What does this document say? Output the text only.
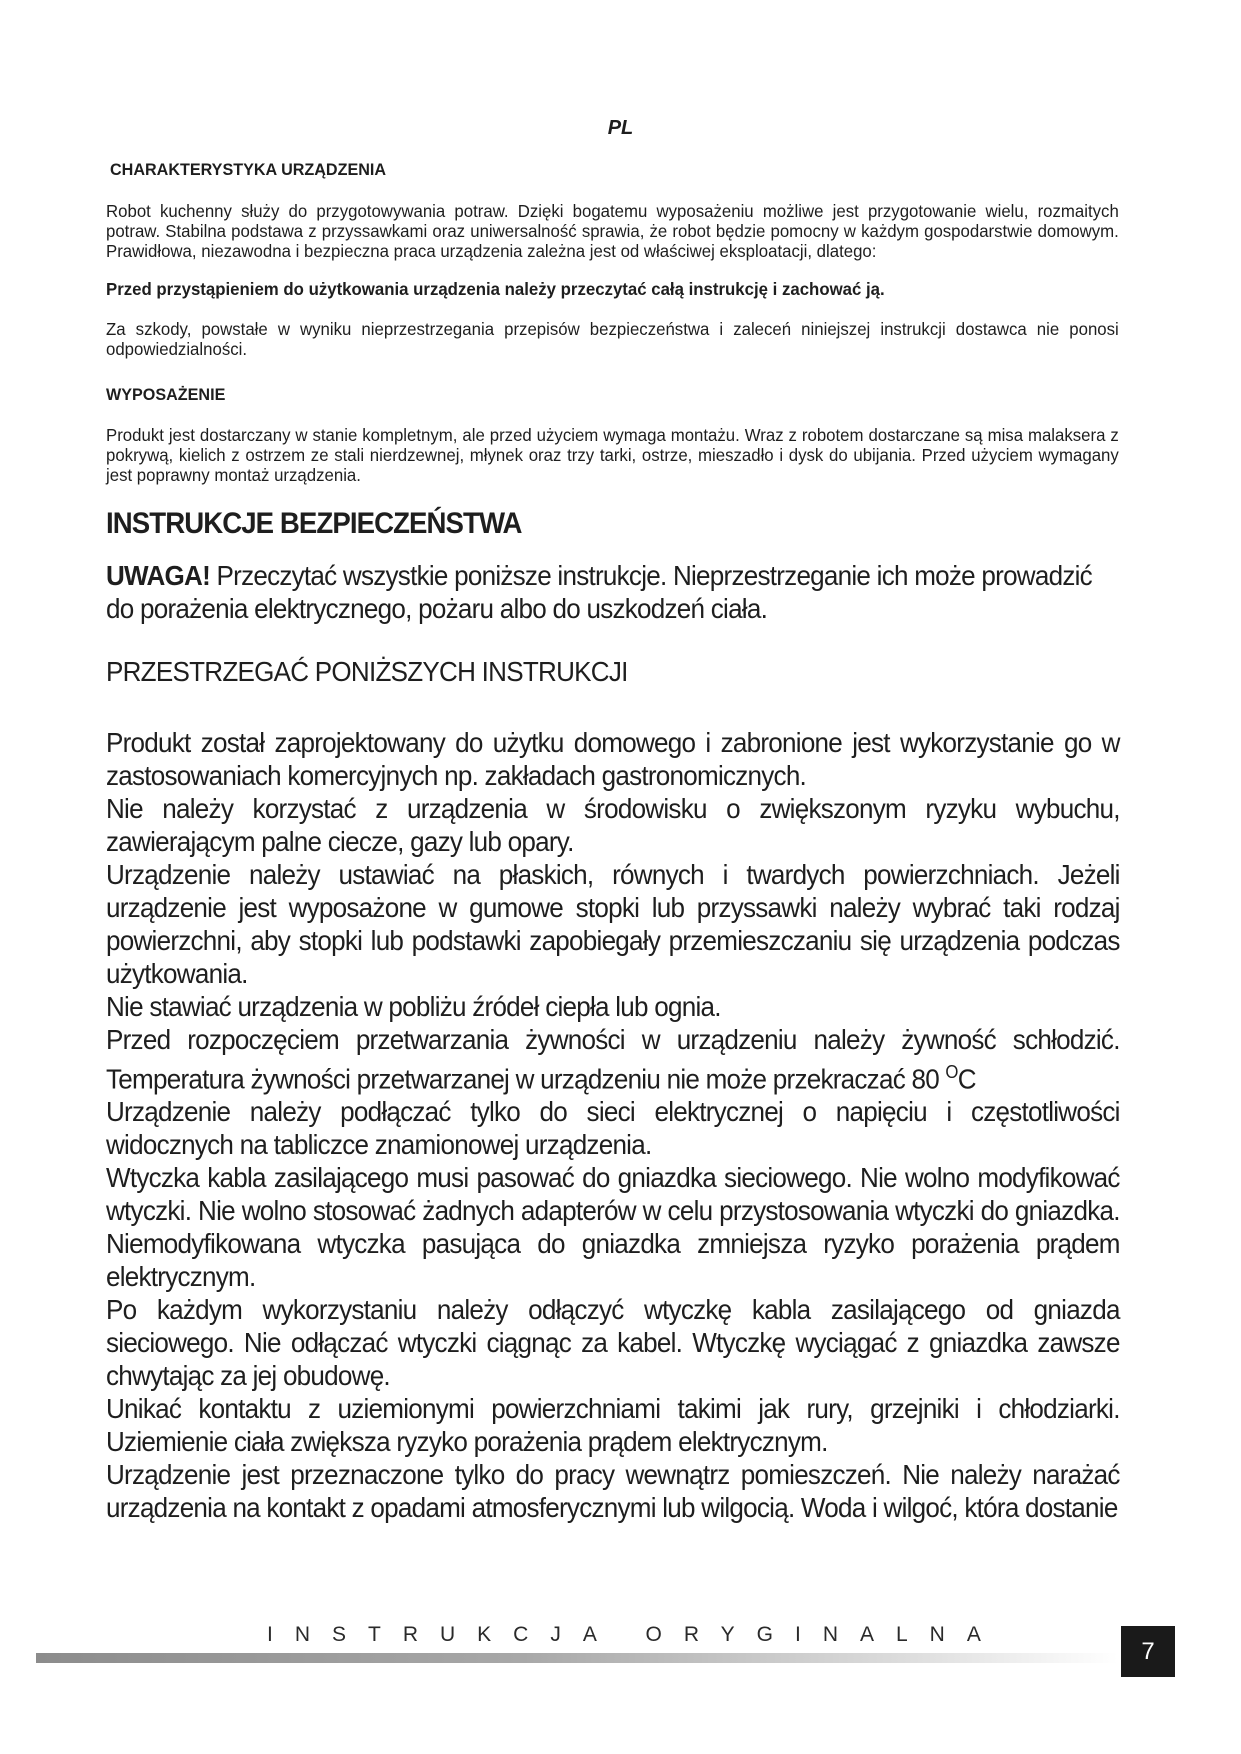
PL
CHARAKTERYSTYKA URZĄDZENIA

Robot kuchenny służy do przygotowywania potraw. Dzięki bogatemu wyposażeniu możliwe jest przygotowanie wielu, rozmaitych potraw. Stabilna podstawa z przyssawkami oraz uniwersalność sprawia, że robot będzie pomocny w każdym gospodarstwie domowym. Prawidłowa, niezawodna i bezpieczna praca urządzenia zależna jest od właściwej eksploatacji, dlatego:

Przed przystąpieniem do użytkowania urządzenia należy przeczytać całą instrukcję i zachować ją.

Za szkody, powstałe w wyniku nieprzestrzegania przepisów bezpieczeństwa i zaleceń niniejszej instrukcji dostawca nie ponosi odpowiedzialności.

WYPOSAŻENIE

Produkt jest dostarczany w stanie kompletnym, ale przed użyciem wymaga montażu. Wraz z robotem dostarczane są misa malaksera z pokrywą, kielich z ostrzem ze stali nierdzewnej, młynek oraz trzy tarki, ostrze, mieszadło i dysk do ubijania. Przed użyciem wymagany jest poprawny montaż urządzenia.

INSTRUKCJE BEZPIECZEŃSTWA

UWAGA! Przeczytać wszystkie poniższe instrukcje. Nieprzestrzeganie ich może prowadzić do porażenia elektrycznego, pożaru albo do uszkodzeń ciała.

PRZESTRZEGAĆ PONIŻSZYCH INSTRUKCJI

Produkt został zaprojektowany do użytku domowego i zabronione jest wykorzystanie go w zastosowaniach komercyjnych np. zakładach gastronomicznych.

Nie należy korzystać z urządzenia w środowisku o zwiększonym ryzyku wybuchu, zawierającym palne ciecze, gazy lub opary.

Urządzenie należy ustawiać na płaskich, równych i twardych powierzchniach. Jeżeli urządzenie jest wyposażone w gumowe stopki lub przyssawki należy wybrać taki rodzaj powierzchni, aby stopki lub podstawki zapobiegały przemieszczaniu się urządzenia podczas użytkowania.

Nie stawiać urządzenia w pobliżu źródeł ciepła lub ognia.

Przed rozpoczęciem przetwarzania żywności w urządzeniu należy żywność schłodzić. Temperatura żywności przetwarzanej w urządzeniu nie może przekraczać 80 $^O$C

Urządzenie należy podłączać tylko do sieci elektrycznej o napięciu i częstotliwości widocznych na tabliczce znamionowej urządzenia.

Wtyczka kabla zasilającego musi pasować do gniazdka sieciowego. Nie wolno modyfikować wtyczki. Nie wolno stosować żadnych adapterów w celu przystosowania wtyczki do gniazdka. Niemodyfikowana wtyczka pasująca do gniazdka zmniejsza ryzyko porażenia prądem elektrycznym.

Po każdym wykorzystaniu należy odłączyć wtyczkę kabla zasilającego od gniazda sieciowego. Nie odłączać wtyczki ciągnąc za kabel. Wtyczkę wyciągać z gniazdka zawsze chwytając za jej obudowę.

Unikać kontaktu z uziemionymi powierzchniami takimi jak rury, grzejniki i chłodziarki. Uziemienie ciała zwiększa ryzyko porażenia prądem elektrycznym.

Urządzenie jest przeznaczone tylko do pracy wewnątrz pomieszczeń. Nie należy narażać urządzenia na kontakt z opadami atmosferycznymi lub wilgocią. Woda i wilgoć, która dostanie

INSTRUKCJA ORYGINALNA
7
